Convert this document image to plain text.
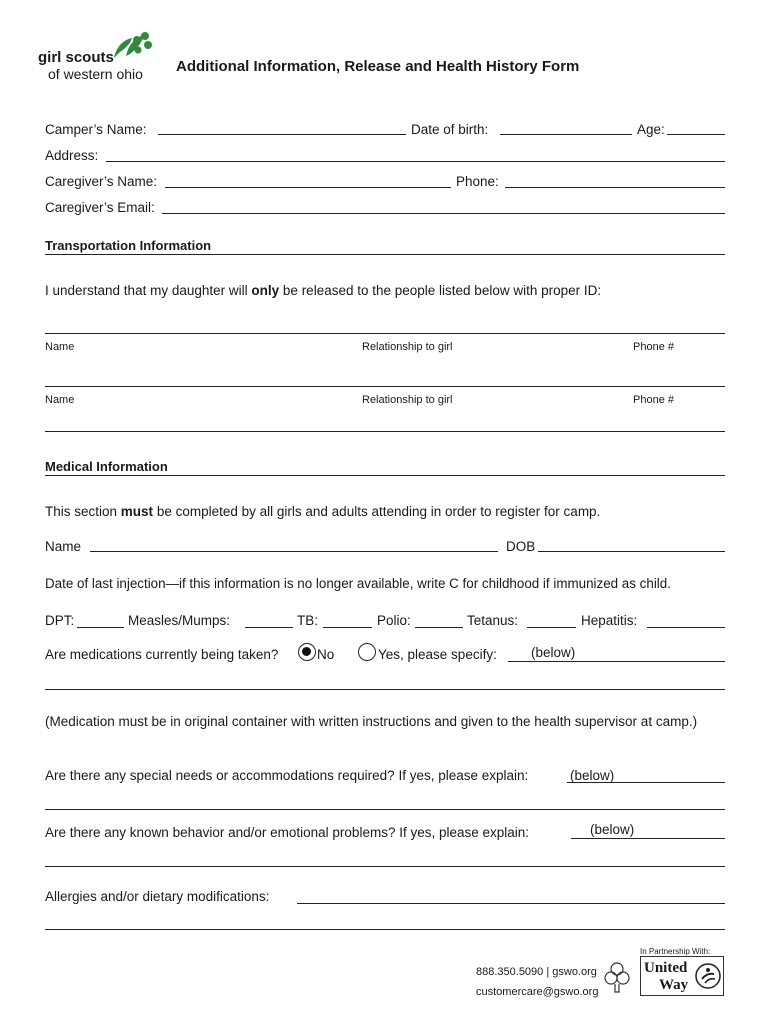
girl scouts
of western ohio Additional Information, Release and Health History Form
Camper’s Name:	Date of birth:	Age:
Address:
Caregiver’s Name:	Phone:
Caregiver’s Email:
Transportation Information
I understand that my daughter will only be released to the people listed below with proper ID:
Name	Relationship to girl	Phone #
Name	Relationship to girl	Phone #
Medical Information
This section must be completed by all girls and adults attending in order to register for camp.
Name	DOB
Date of last injection—if this information is no longer available, write C for childhood if immunized as child.
DPT:	Measles/Mumps:	TB:	Polio:	Tetanus:	Hepatitis:
Are medications currently being taken?	No	Yes, please specify:	(below)
(Medication must be in original container with written instructions and given to the health supervisor at camp.)
Are there any special needs or accommodations required? If yes, please explain:	(below)
Are there any known behavior and/or emotional problems? If yes, please explain:	(below)
Allergies and/or dietary modifications:
888.350.5090 | gswo.org
customercare@gswo.org
In Partnership With:
United
Way
